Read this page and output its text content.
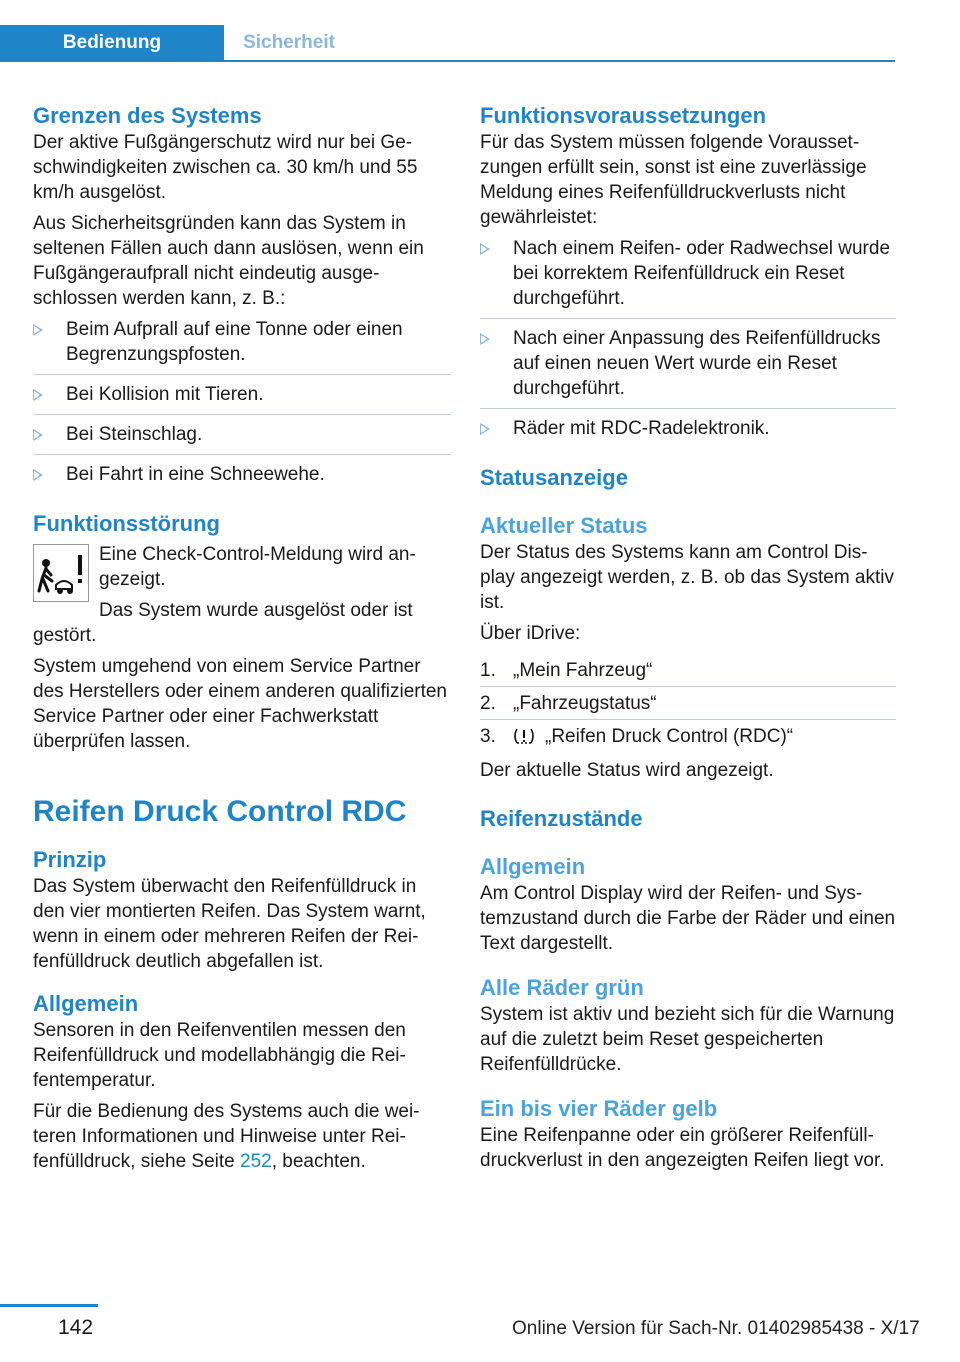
Bedienung	Sicherheit
Grenzen des Systems

Der aktive Fußgängerschutz wird nur bei Geschwindigkeiten zwischen ca. 30 km/h und 55 km/h ausgelöst.

Aus Sicherheitsgründen kann das System in seltenen Fällen auch dann auslösen, wenn ein Fußgängeraufprall nicht eindeutig ausgeschlossen werden kann, z. B.:

Beim Aufprall auf eine Tonne oder einen Begrenzungspfosten.
Bei Kollision mit Tieren.
Bei Steinschlag.
Bei Fahrt in eine Schneewehe.
Funktionsstörung

Eine Check-Control-Meldung wird angezeigt.

Das System wurde ausgelöst oder ist

gestört.

System umgehend von einem Service Partner des Herstellers oder einem anderen qualifizierten Service Partner oder einer Fachwerkstatt überprüfen lassen.

Reifen Druck Control RDC
Prinzip

Das System überwacht den Reifenfülldruck in den vier montierten Reifen. Das System warnt, wenn in einem oder mehreren Reifen der Reifenfülldruck deutlich abgefallen ist.

Allgemein

Sensoren in den Reifenventilen messen den Reifenfülldruck und modellabhängig die Reifentemperatur.

Für die Bedienung des Systems auch die weiteren Informationen und Hinweise unter Reifenfülldruck, siehe Seite 252, beachten.

Funktionsvoraussetzungen

Für das System müssen folgende Voraussetzungen erfüllt sein, sonst ist eine zuverlässige Meldung eines Reifenfülldruckverlusts nicht gewährleistet:

Nach einem Reifen- oder Radwechsel wurde bei korrektem Reifenfülldruck ein Reset durchgeführt.
Nach einer Anpassung des Reifenfülldrucks auf einen neuen Wert wurde ein Reset durchgeführt.
Räder mit RDC-Radelektronik.
Statusanzeige
Aktueller Status

Der Status des Systems kann am Control Display angezeigt werden, z. B. ob das System aktiv ist.

Über iDrive:

1. „Mein Fahrzeug“
2. „Fahrzeugstatus“
3.	„Reifen Druck Control (RDC)“

Der aktuelle Status wird angezeigt.

Reifenzustände
Allgemein

Am Control Display wird der Reifen- und Systemzustand durch die Farbe der Räder und einen Text dargestellt.

Alle Räder grün

System ist aktiv und bezieht sich für die Warnung auf die zuletzt beim Reset gespeicherten Reifenfülldrücke.

Ein bis vier Räder gelb

Eine Reifenpanne oder ein größerer Reifenfülldruckverlust in den angezeigten Reifen liegt vor.

142	Online Version für Sach-Nr. 01402985438 - X/17
